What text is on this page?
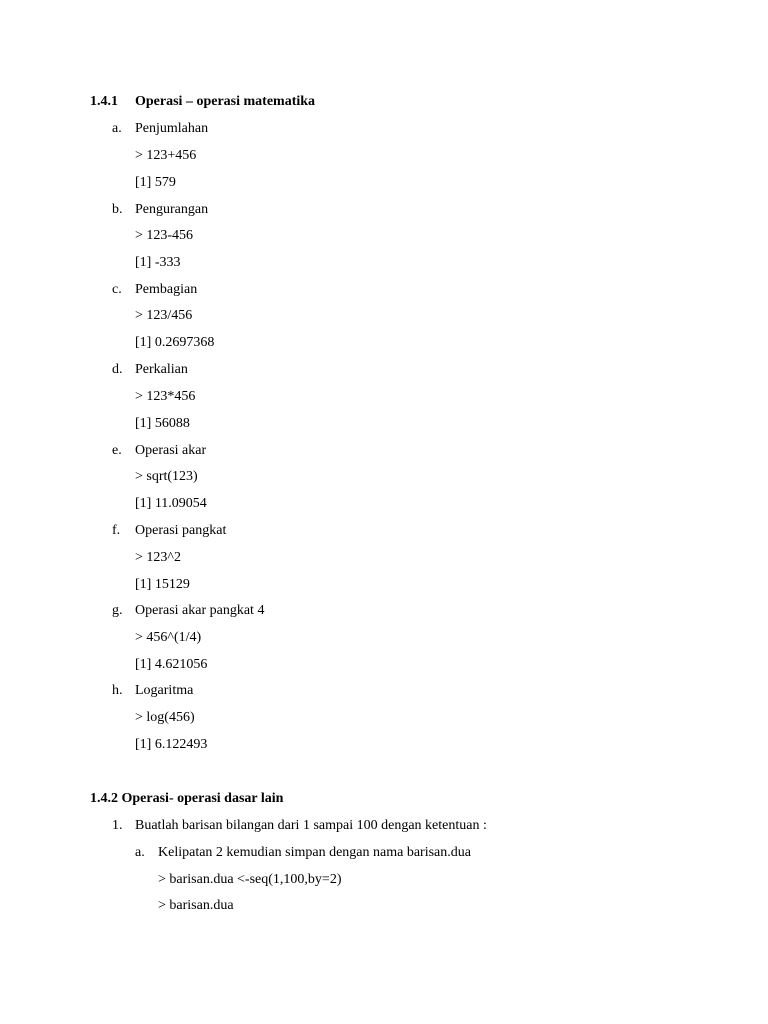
1.4.1 Operasi – operasi matematika
a. Penjumlahan
> 123+456
[1] 579
b. Pengurangan
> 123-456
[1] -333
c. Pembagian
> 123/456
[1] 0.2697368
d. Perkalian
> 123*456
[1] 56088
e. Operasi akar
> sqrt(123)
[1] 11.09054
f. Operasi pangkat
> 123^2
[1] 15129
g. Operasi akar pangkat 4
> 456^(1/4)
[1] 4.621056
h. Logaritma
> log(456)
[1] 6.122493
1.4.2 Operasi- operasi dasar lain
1. Buatlah barisan bilangan dari 1 sampai 100 dengan ketentuan :
a. Kelipatan 2 kemudian simpan dengan nama barisan.dua
> barisan.dua <-seq(1,100,by=2)
> barisan.dua
